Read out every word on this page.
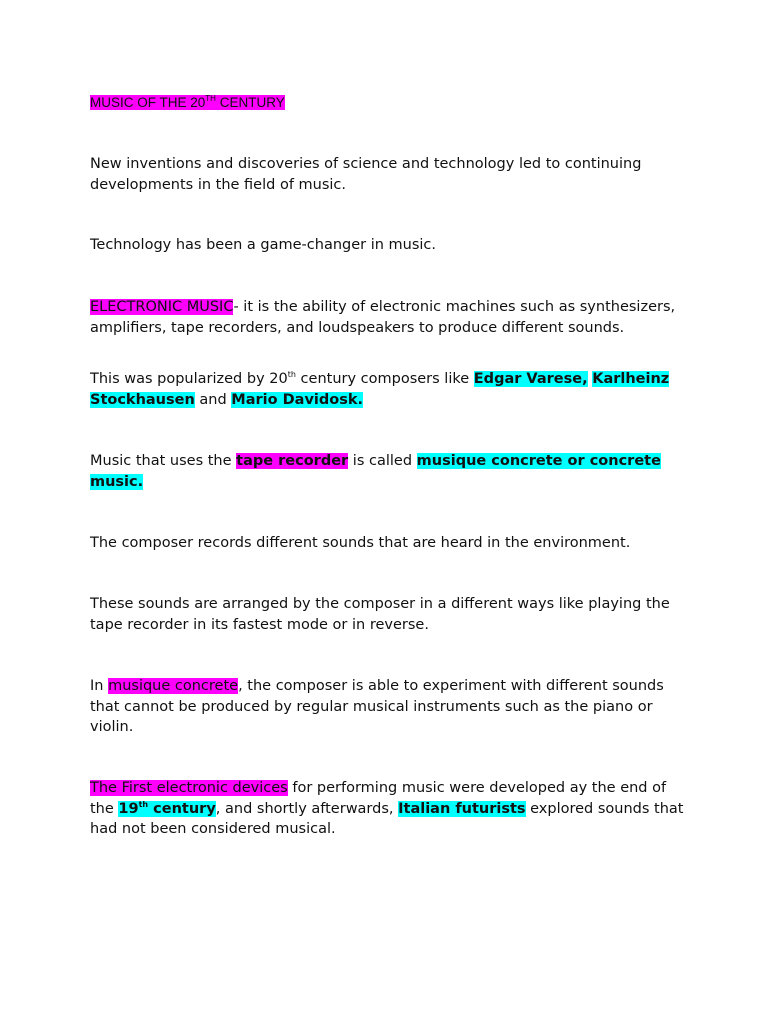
MUSIC OF THE 20TH CENTURY

New inventions and discoveries of science and technology led to continuing developments in the field of music.

Technology has been a game-changer in music.

ELECTRONIC MUSIC- it is the ability of electronic machines such as synthesizers, amplifiers, tape recorders, and loudspeakers to produce different sounds.

This was popularized by 20th century composers like Edgar Varese, Karlheinz Stockhausen and Mario Davidosk.

Music that uses the tape recorder is called musique concrete or concrete music.

The composer records different sounds that are heard in the environment.

These sounds are arranged by the composer in a different ways like playing the tape recorder in its fastest mode or in reverse.

In musique concrete, the composer is able to experiment with different sounds that cannot be produced by regular musical instruments such as the piano or violin.

The First electronic devices for performing music were developed ay the end of the 19th century, and shortly afterwards, Italian futurists explored sounds that had not been considered musical.
